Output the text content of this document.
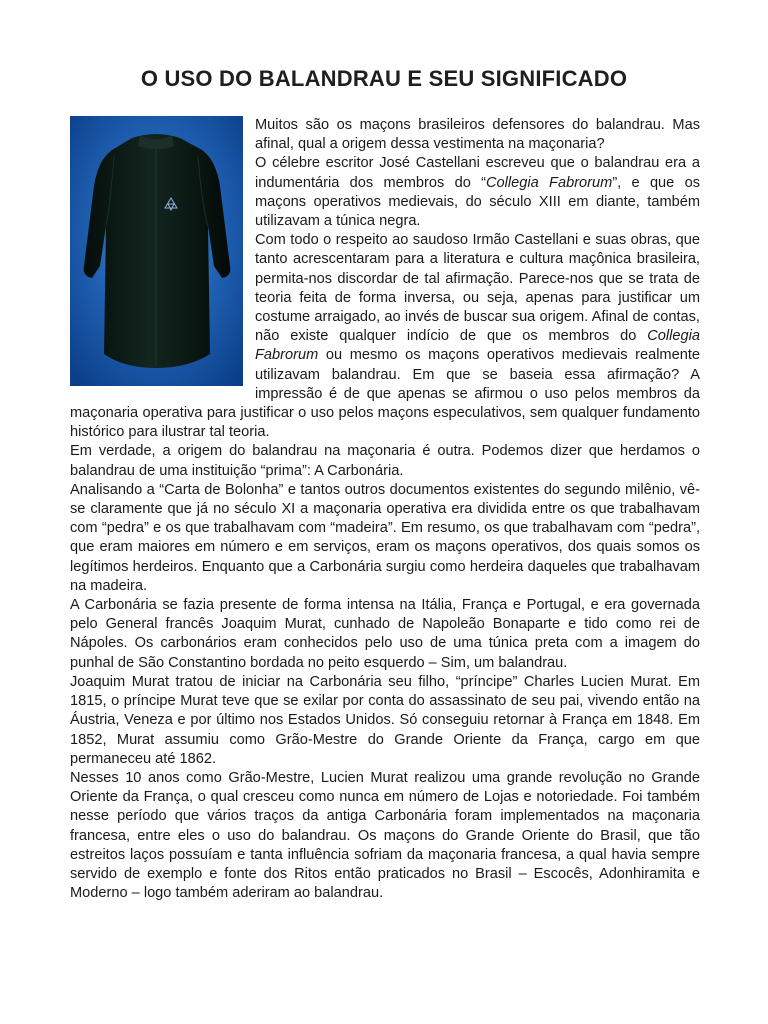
O USO DO BALANDRAU E SEU SIGNIFICADO

Muitos são os maçons brasileiros defensores do balandrau. Mas afinal, qual a origem dessa vestimenta na maçonaria?

O célebre escritor José Castellani escreveu que o balandrau era a indumentária dos membros do “Collegia Fabrorum”, e que os maçons operativos medievais, do século XIII em diante, também utilizavam a túnica negra.

Com todo o respeito ao saudoso Irmão Castellani e suas obras, que tanto acrescentaram para a literatura e cultura maçônica brasileira, permita-nos discordar de tal afirmação. Parece-nos que se trata de teoria feita de forma inversa, ou seja, apenas para justificar um costume arraigado, ao invés de buscar sua origem. Afinal de contas, não existe qualquer indício de que os membros do Collegia Fabrorum ou mesmo os maçons operativos medievais realmente utilizavam balandrau. Em que se baseia essa afirmação? A impressão é de que apenas se afirmou o uso pelos membros da maçonaria operativa para justificar o uso pelos maçons especulativos, sem qualquer fundamento histórico para ilustrar tal teoria.

Em verdade, a origem do balandrau na maçonaria é outra. Podemos dizer que herdamos o balandrau de uma instituição “prima”: A Carbonária.

Analisando a “Carta de Bolonha” e tantos outros documentos existentes do segundo milênio, vê-se claramente que já no século XI a maçonaria operativa era dividida entre os que trabalhavam com “pedra” e os que trabalhavam com “madeira”. Em resumo, os que trabalhavam com “pedra”, que eram maiores em número e em serviços, eram os maçons operativos, dos quais somos os legítimos herdeiros. Enquanto que a Carbonária surgiu como herdeira daqueles que trabalhavam na madeira.

A Carbonária se fazia presente de forma intensa na Itália, França e Portugal, e era governada pelo General francês Joaquim Murat, cunhado de Napoleão Bonaparte e tido como rei de Nápoles. Os carbonários eram conhecidos pelo uso de uma túnica preta com a imagem do punhal de São Constantino bordada no peito esquerdo – Sim, um balandrau.

Joaquim Murat tratou de iniciar na Carbonária seu filho, “príncipe” Charles Lucien Murat. Em 1815, o príncipe Murat teve que se exilar por conta do assassinato de seu pai, vivendo então na Áustria, Veneza e por último nos Estados Unidos. Só conseguiu retornar à França em 1848. Em 1852, Murat assumiu como Grão-Mestre do Grande Oriente da França, cargo em que permaneceu até 1862.

Nesses 10 anos como Grão-Mestre, Lucien Murat realizou uma grande revolução no Grande Oriente da França, o qual cresceu como nunca em número de Lojas e notoriedade. Foi também nesse período que vários traços da antiga Carbonária foram implementados na maçonaria francesa, entre eles o uso do balandrau. Os maçons do Grande Oriente do Brasil, que tão estreitos laços possuíam e tanta influência sofriam da maçonaria francesa, a qual havia sempre servido de exemplo e fonte dos Ritos então praticados no Brasil – Escocês, Adonhiramita e Moderno – logo também aderiram ao balandrau.
